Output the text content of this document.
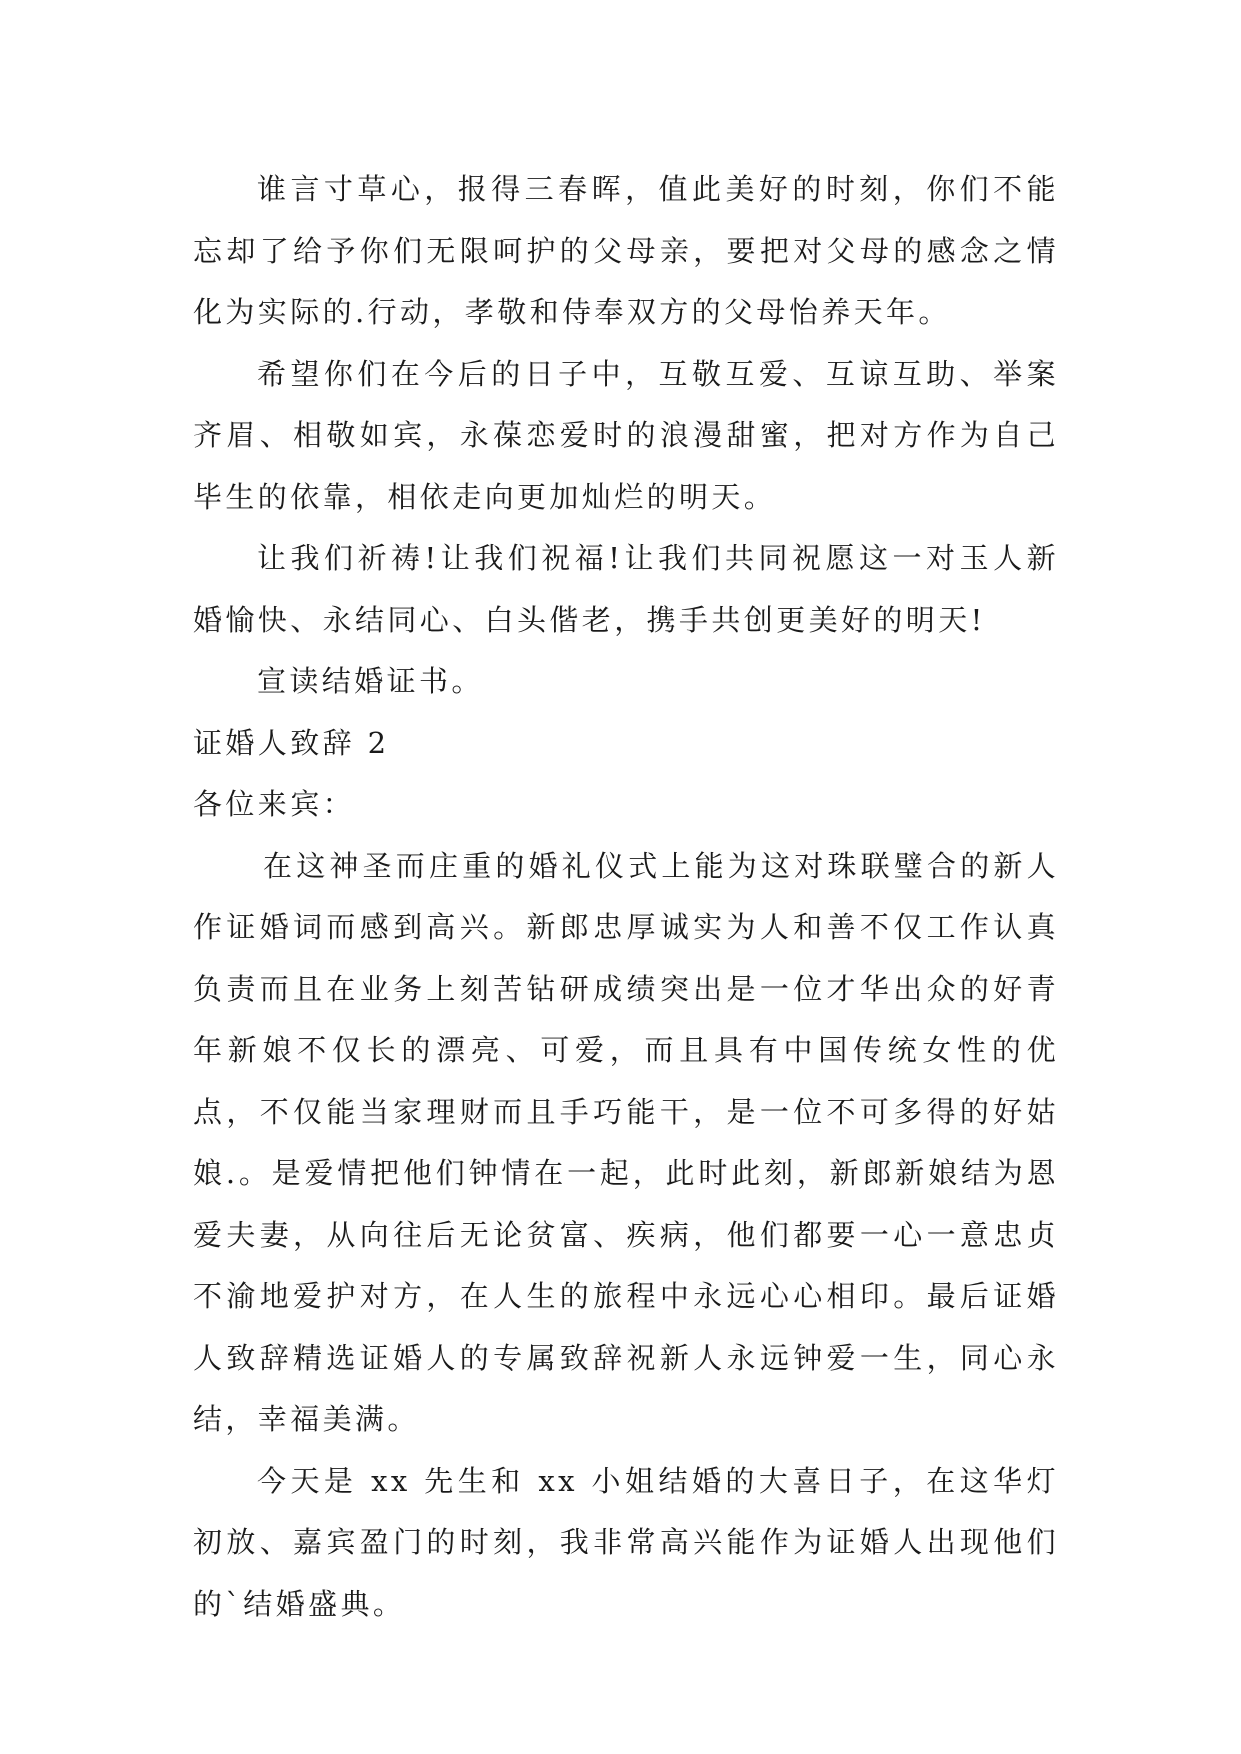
谁言寸草心，报得三春晖，值此美好的时刻，你们不能忘却了给予你们无限呵护的父母亲，要把对父母的感念之情化为实际的.行动，孝敬和侍奉双方的父母怡养天年。

希望你们在今后的日子中，互敬互爱、互谅互助、举案齐眉、相敬如宾，永葆恋爱时的浪漫甜蜜，把对方作为自己毕生的依靠，相依走向更加灿烂的明天。

让我们祈祷!让我们祝福!让我们共同祝愿这一对玉人新婚愉快、永结同心、白头偕老，携手共创更美好的明天!

宣读结婚证书。

证婚人致辞 2

各位来宾：

在这神圣而庄重的婚礼仪式上能为这对珠联璧合的新人作证婚词而感到高兴。新郎忠厚诚实为人和善不仅工作认真负责而且在业务上刻苦钻研成绩突出是一位才华出众的好青年新娘不仅长的漂亮、可爱，而且具有中国传统女性的优点，不仅能当家理财而且手巧能干，是一位不可多得的好姑娘.。是爱情把他们钟情在一起，此时此刻，新郎新娘结为恩爱夫妻，从向往后无论贫富、疾病，他们都要一心一意忠贞不渝地爱护对方，在人生的旅程中永远心心相印。最后证婚人致辞精选证婚人的专属致辞祝新人永远钟爱一生，同心永结，幸福美满。

今天是 xx 先生和 xx 小姐结婚的大喜日子，在这华灯初放、嘉宾盈门的时刻，我非常高兴能作为证婚人出现他们的`结婚盛典。
